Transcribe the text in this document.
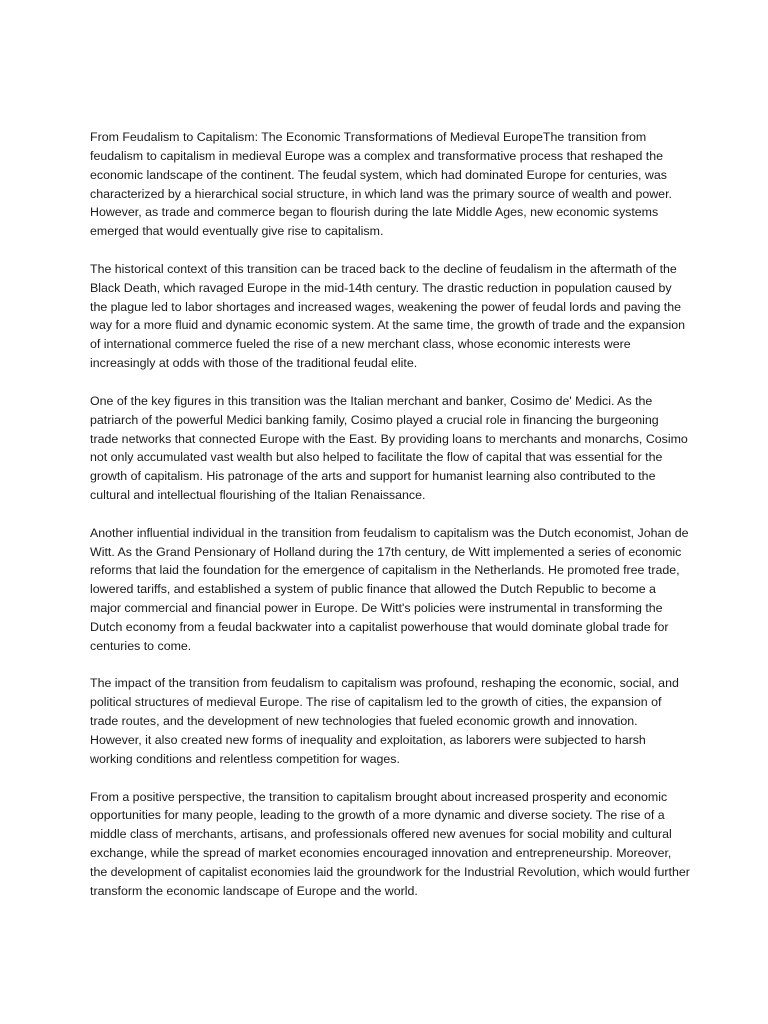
From Feudalism to Capitalism: The Economic Transformations of Medieval EuropeThe transition from feudalism to capitalism in medieval Europe was a complex and transformative process that reshaped the economic landscape of the continent. The feudal system, which had dominated Europe for centuries, was characterized by a hierarchical social structure, in which land was the primary source of wealth and power. However, as trade and commerce began to flourish during the late Middle Ages, new economic systems emerged that would eventually give rise to capitalism.

The historical context of this transition can be traced back to the decline of feudalism in the aftermath of the Black Death, which ravaged Europe in the mid-14th century. The drastic reduction in population caused by the plague led to labor shortages and increased wages, weakening the power of feudal lords and paving the way for a more fluid and dynamic economic system. At the same time, the growth of trade and the expansion of international commerce fueled the rise of a new merchant class, whose economic interests were increasingly at odds with those of the traditional feudal elite.

One of the key figures in this transition was the Italian merchant and banker, Cosimo de' Medici. As the patriarch of the powerful Medici banking family, Cosimo played a crucial role in financing the burgeoning trade networks that connected Europe with the East. By providing loans to merchants and monarchs, Cosimo not only accumulated vast wealth but also helped to facilitate the flow of capital that was essential for the growth of capitalism. His patronage of the arts and support for humanist learning also contributed to the cultural and intellectual flourishing of the Italian Renaissance.

Another influential individual in the transition from feudalism to capitalism was the Dutch economist, Johan de Witt. As the Grand Pensionary of Holland during the 17th century, de Witt implemented a series of economic reforms that laid the foundation for the emergence of capitalism in the Netherlands. He promoted free trade, lowered tariffs, and established a system of public finance that allowed the Dutch Republic to become a major commercial and financial power in Europe. De Witt's policies were instrumental in transforming the Dutch economy from a feudal backwater into a capitalist powerhouse that would dominate global trade for centuries to come.

The impact of the transition from feudalism to capitalism was profound, reshaping the economic, social, and political structures of medieval Europe. The rise of capitalism led to the growth of cities, the expansion of trade routes, and the development of new technologies that fueled economic growth and innovation. However, it also created new forms of inequality and exploitation, as laborers were subjected to harsh working conditions and relentless competition for wages.

From a positive perspective, the transition to capitalism brought about increased prosperity and economic opportunities for many people, leading to the growth of a more dynamic and diverse society. The rise of a middle class of merchants, artisans, and professionals offered new avenues for social mobility and cultural exchange, while the spread of market economies encouraged innovation and entrepreneurship. Moreover, the development of capitalist economies laid the groundwork for the Industrial Revolution, which would further transform the economic landscape of Europe and the world.
